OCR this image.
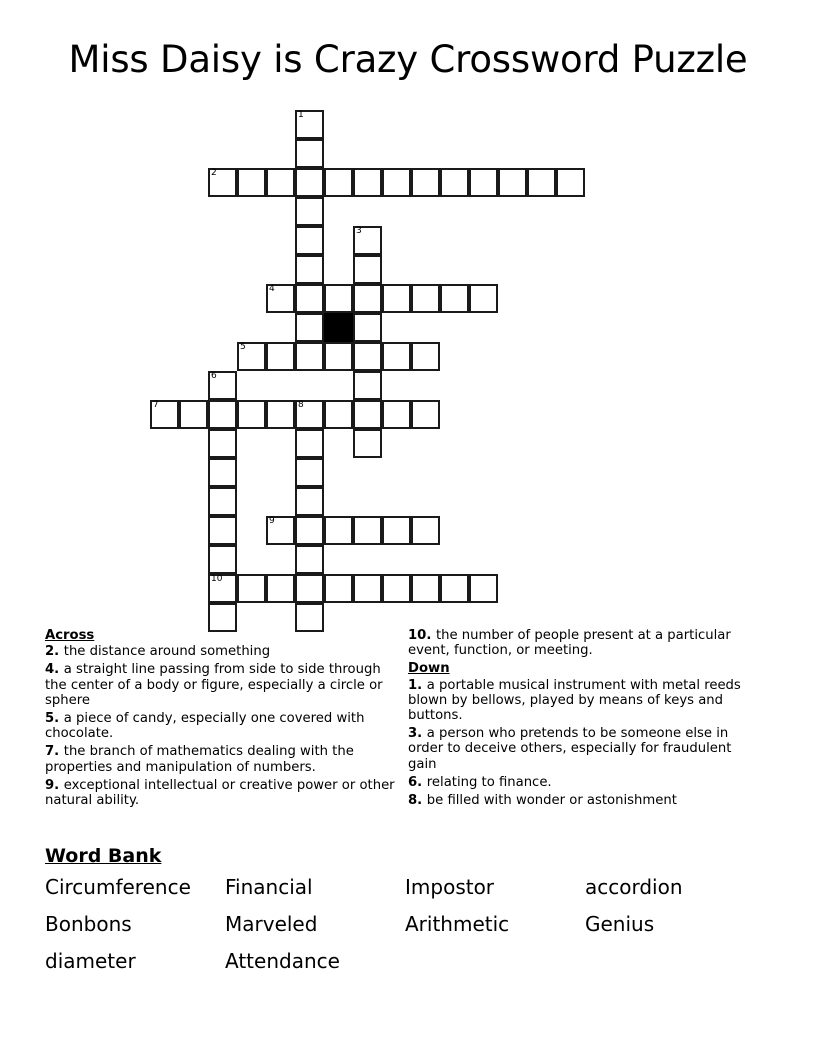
Miss Daisy is Crazy Crossword Puzzle
1
2
3
4
5
6
7	8
9
10
Across
2. the distance around something
4. a straight line passing from side to side through the center of a body or figure, especially a circle or sphere
5. a piece of candy, especially one covered with chocolate.
7. the branch of mathematics dealing with the properties and manipulation of numbers.
9. exceptional intellectual or creative power or other natural ability.
10. the number of people present at a particular event, function, or meeting.
Down
1. a portable musical instrument with metal reeds blown by bellows, played by means of keys and buttons.
3. a person who pretends to be someone else in order to deceive others, especially for fraudulent gain
6. relating to finance.
8. be filled with wonder or astonishment
Word Bank
Circumference	Financial	Impostor	accordion
Bonbons	Marveled	Arithmetic	Genius
diameter	Attendance
